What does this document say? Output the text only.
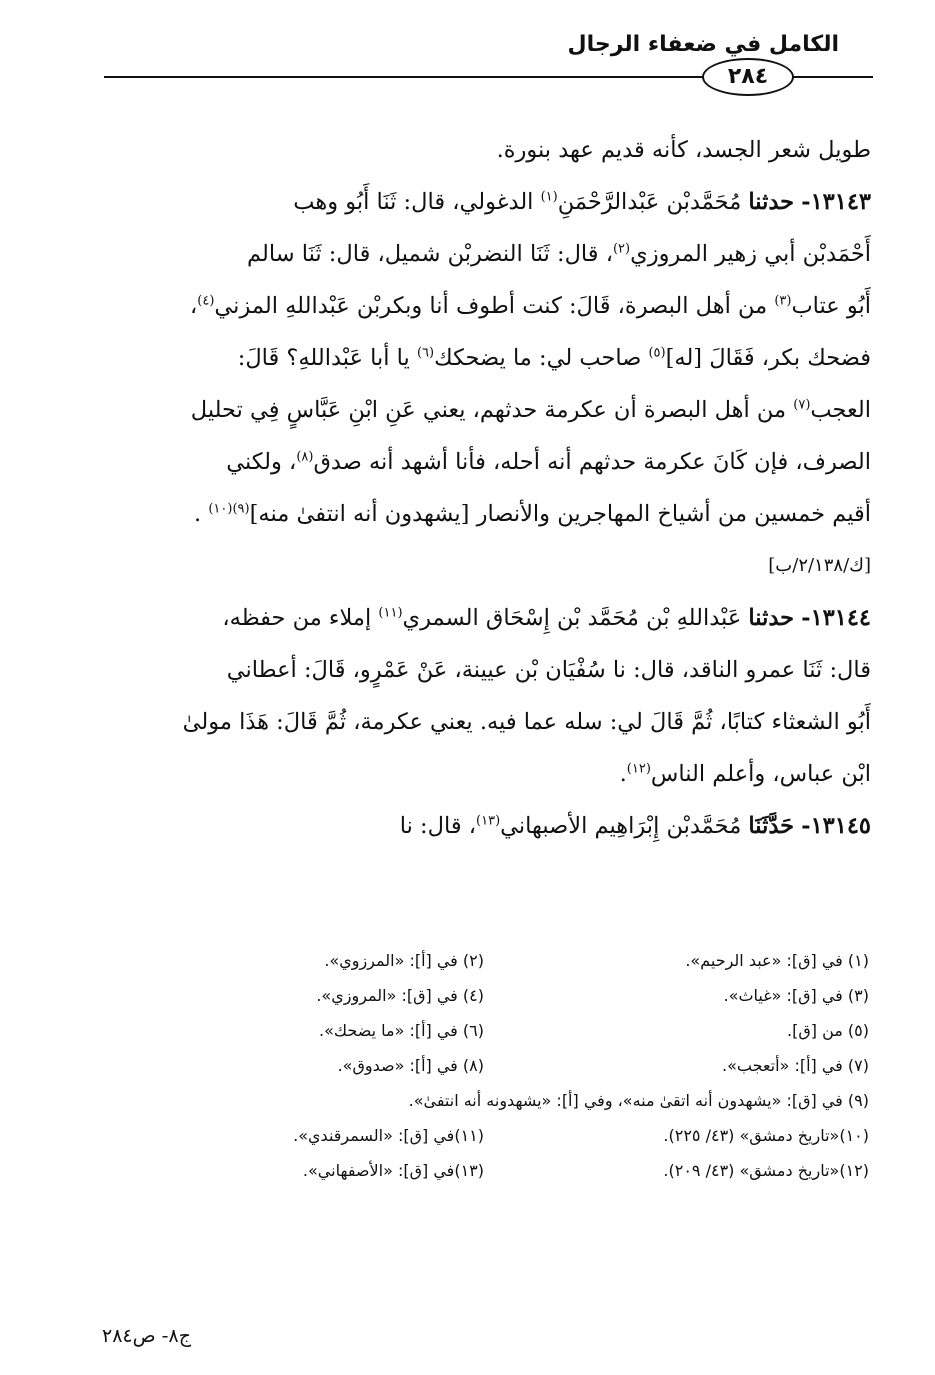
الكامل في ضعفاء الرجال
٢٨٤
طويل شعر الجسد، كأنه قديم عهد بنورة.
١٣١٤٣- حدثنا مُحَمَّدبْن عَبْدالرَّحْمَنِ$^{(١)}$ الدغولي، قال: ثَنَا أَبُو وهب
أَحْمَدبْن أبي زهير المروزي$^{(٢)}$، قال: ثَنَا النضربْن شميل، قال: ثَنَا سالم
أَبُو عتاب$^{(٣)}$ من أهل البصرة، قَالَ: كنت أطوف أنا وبكربْن عَبْداللهِ المزني$^{(٤)}$،
فضحك بكر، فَقَالَ [له]$^{(٥)}$ صاحب لي: ما يضحكك$^{(٦)}$ يا أبا عَبْداللهِ؟ قَالَ:
العجب$^{(٧)}$ من أهل البصرة أن عكرمة حدثهم، يعني عَنِ ابْنِ عَبَّاسٍ فِي تحليل
الصرف، فإن كَانَ عكرمة حدثهم أنه أحله، فأنا أشهد أنه صدق$^{(٨)}$، ولكني
أقيم خمسين من أشياخ المهاجرين والأنصار [يشهدون أنه انتفىٰ منه]$^{(٩)(١٠)}$ .
[ك/٢/١٣٨/ب]
١٣١٤٤- حدثنا عَبْداللهِ بْن مُحَمَّد بْن إِسْحَاق السمري$^{(١١)}$ إملاء من حفظه،
قال: ثَنَا عمرو الناقد، قال: نا سُفْيَان بْن عيينة، عَنْ عَمْرٍو، قَالَ: أعطاني
أَبُو الشعثاء كتابًا، ثُمَّ قَالَ لي: سله عما فيه. يعني عكرمة، ثُمَّ قَالَ: هَذَا مولىٰ
ابْن عباس، وأعلم الناس$^{(١٢)}$.
١٣١٤٥- حَدَّثَنَا مُحَمَّدبْن إِبْرَاهِيم الأصبهاني$^{(١٣)}$، قال: نا
(١) في [ق]: «عبد الرحيم».
(٢) في [أ]: «المرزوي».
(٣) في [ق]: «غياث».
(٤) في [ق]: «المروزي».
(٥) من [ق].
(٦) في [أ]: «ما يضحك».
(٧) في [أ]: «أتعجب».
(٨) في [أ]: «صدوق».
(٩) في [ق]: «يشهدون أنه اتقىٰ منه»، وفي [أ]: «يشهدونه أنه انتفىٰ».
(١٠)«تاريخ دمشق» (٤٣/ ٢٢٥).
(١١)في [ق]: «السمرقندي».
(١٢)«تاريخ دمشق» (٤٣/ ٢٠٩).
(١٣)في [ق]: «الأصفهاني».
ج٨- ص٢٨٤
